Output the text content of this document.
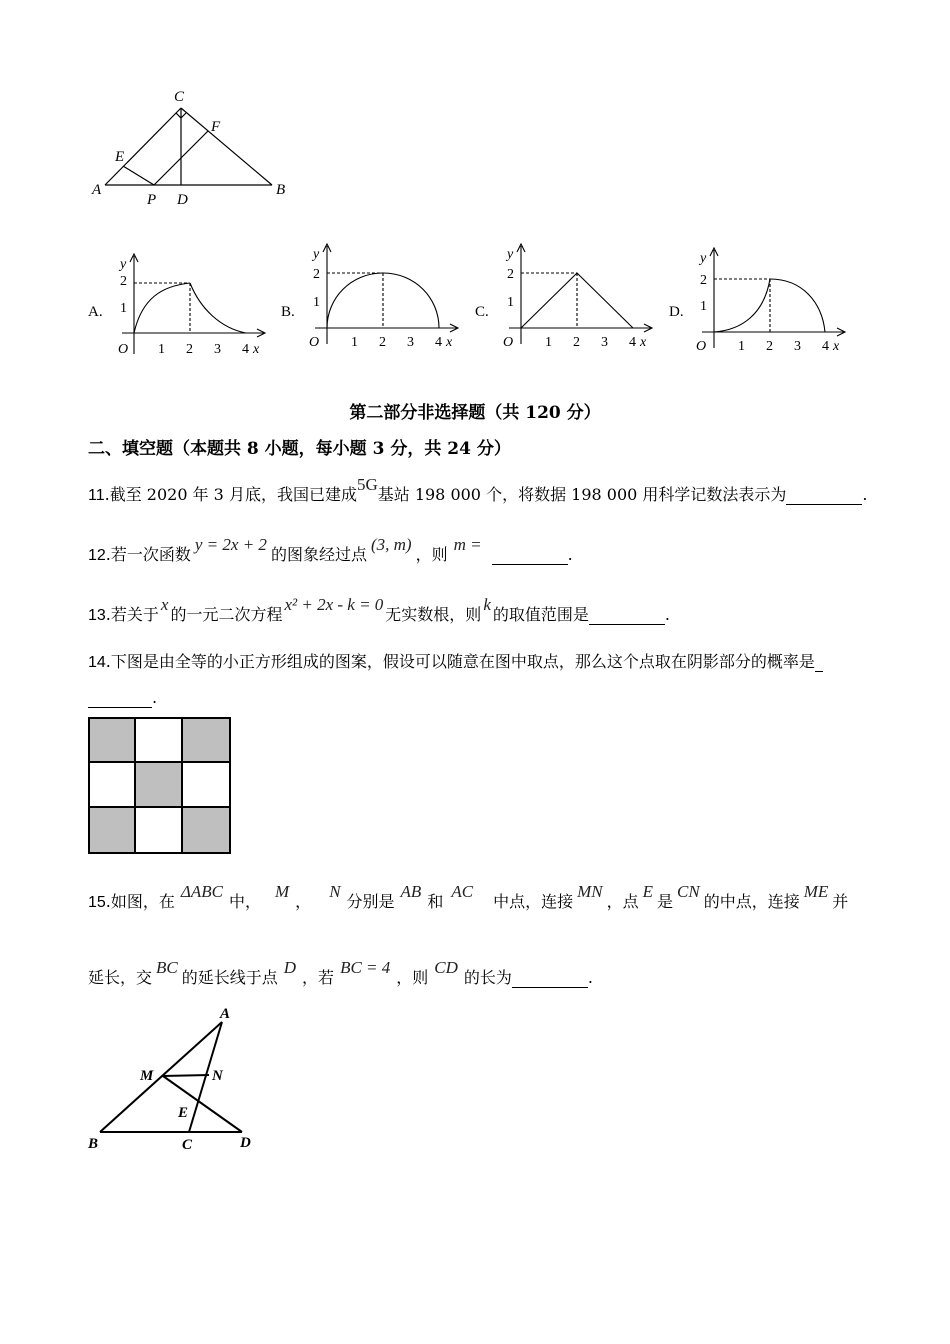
C
F
E
A
P D
B
A.
y
2
1
O 1 2 3 4 x
B.
y
2
1
O 1 2 3 4 x
C.
y
2
1
O 1 2 3 4 x
D.
y
2
1
O 1 2 3 4 x
第二部分非选择题（共 120 分）
二、填空题（本题共 8 小题，每小题 3 分，共 24 分）
11.截至 2020 年 3 月底，我国已建成5G基站 198 000 个，将数据 198 000 用科学记数法表示为	.
12.若一次函数y = 2x + 2的图象经过点(3, m)，则m = .
13.若关于x的一元二次方程x² + 2x - k = 0无实数根，则k的取值范围是	.
14.下图是由全等的小正方形组成的图案，假设可以随意在图中取点，那么这个点取在阴影部分的概率是
.
15.如图，在ΔABC中，M，N分别是AB和AC中点，连接MN，点E是CN的中点，连接ME并
延长，交BC的延长线于点D，若BC = 4，则CD的长为	.
A
M	N
E
B	C	D
